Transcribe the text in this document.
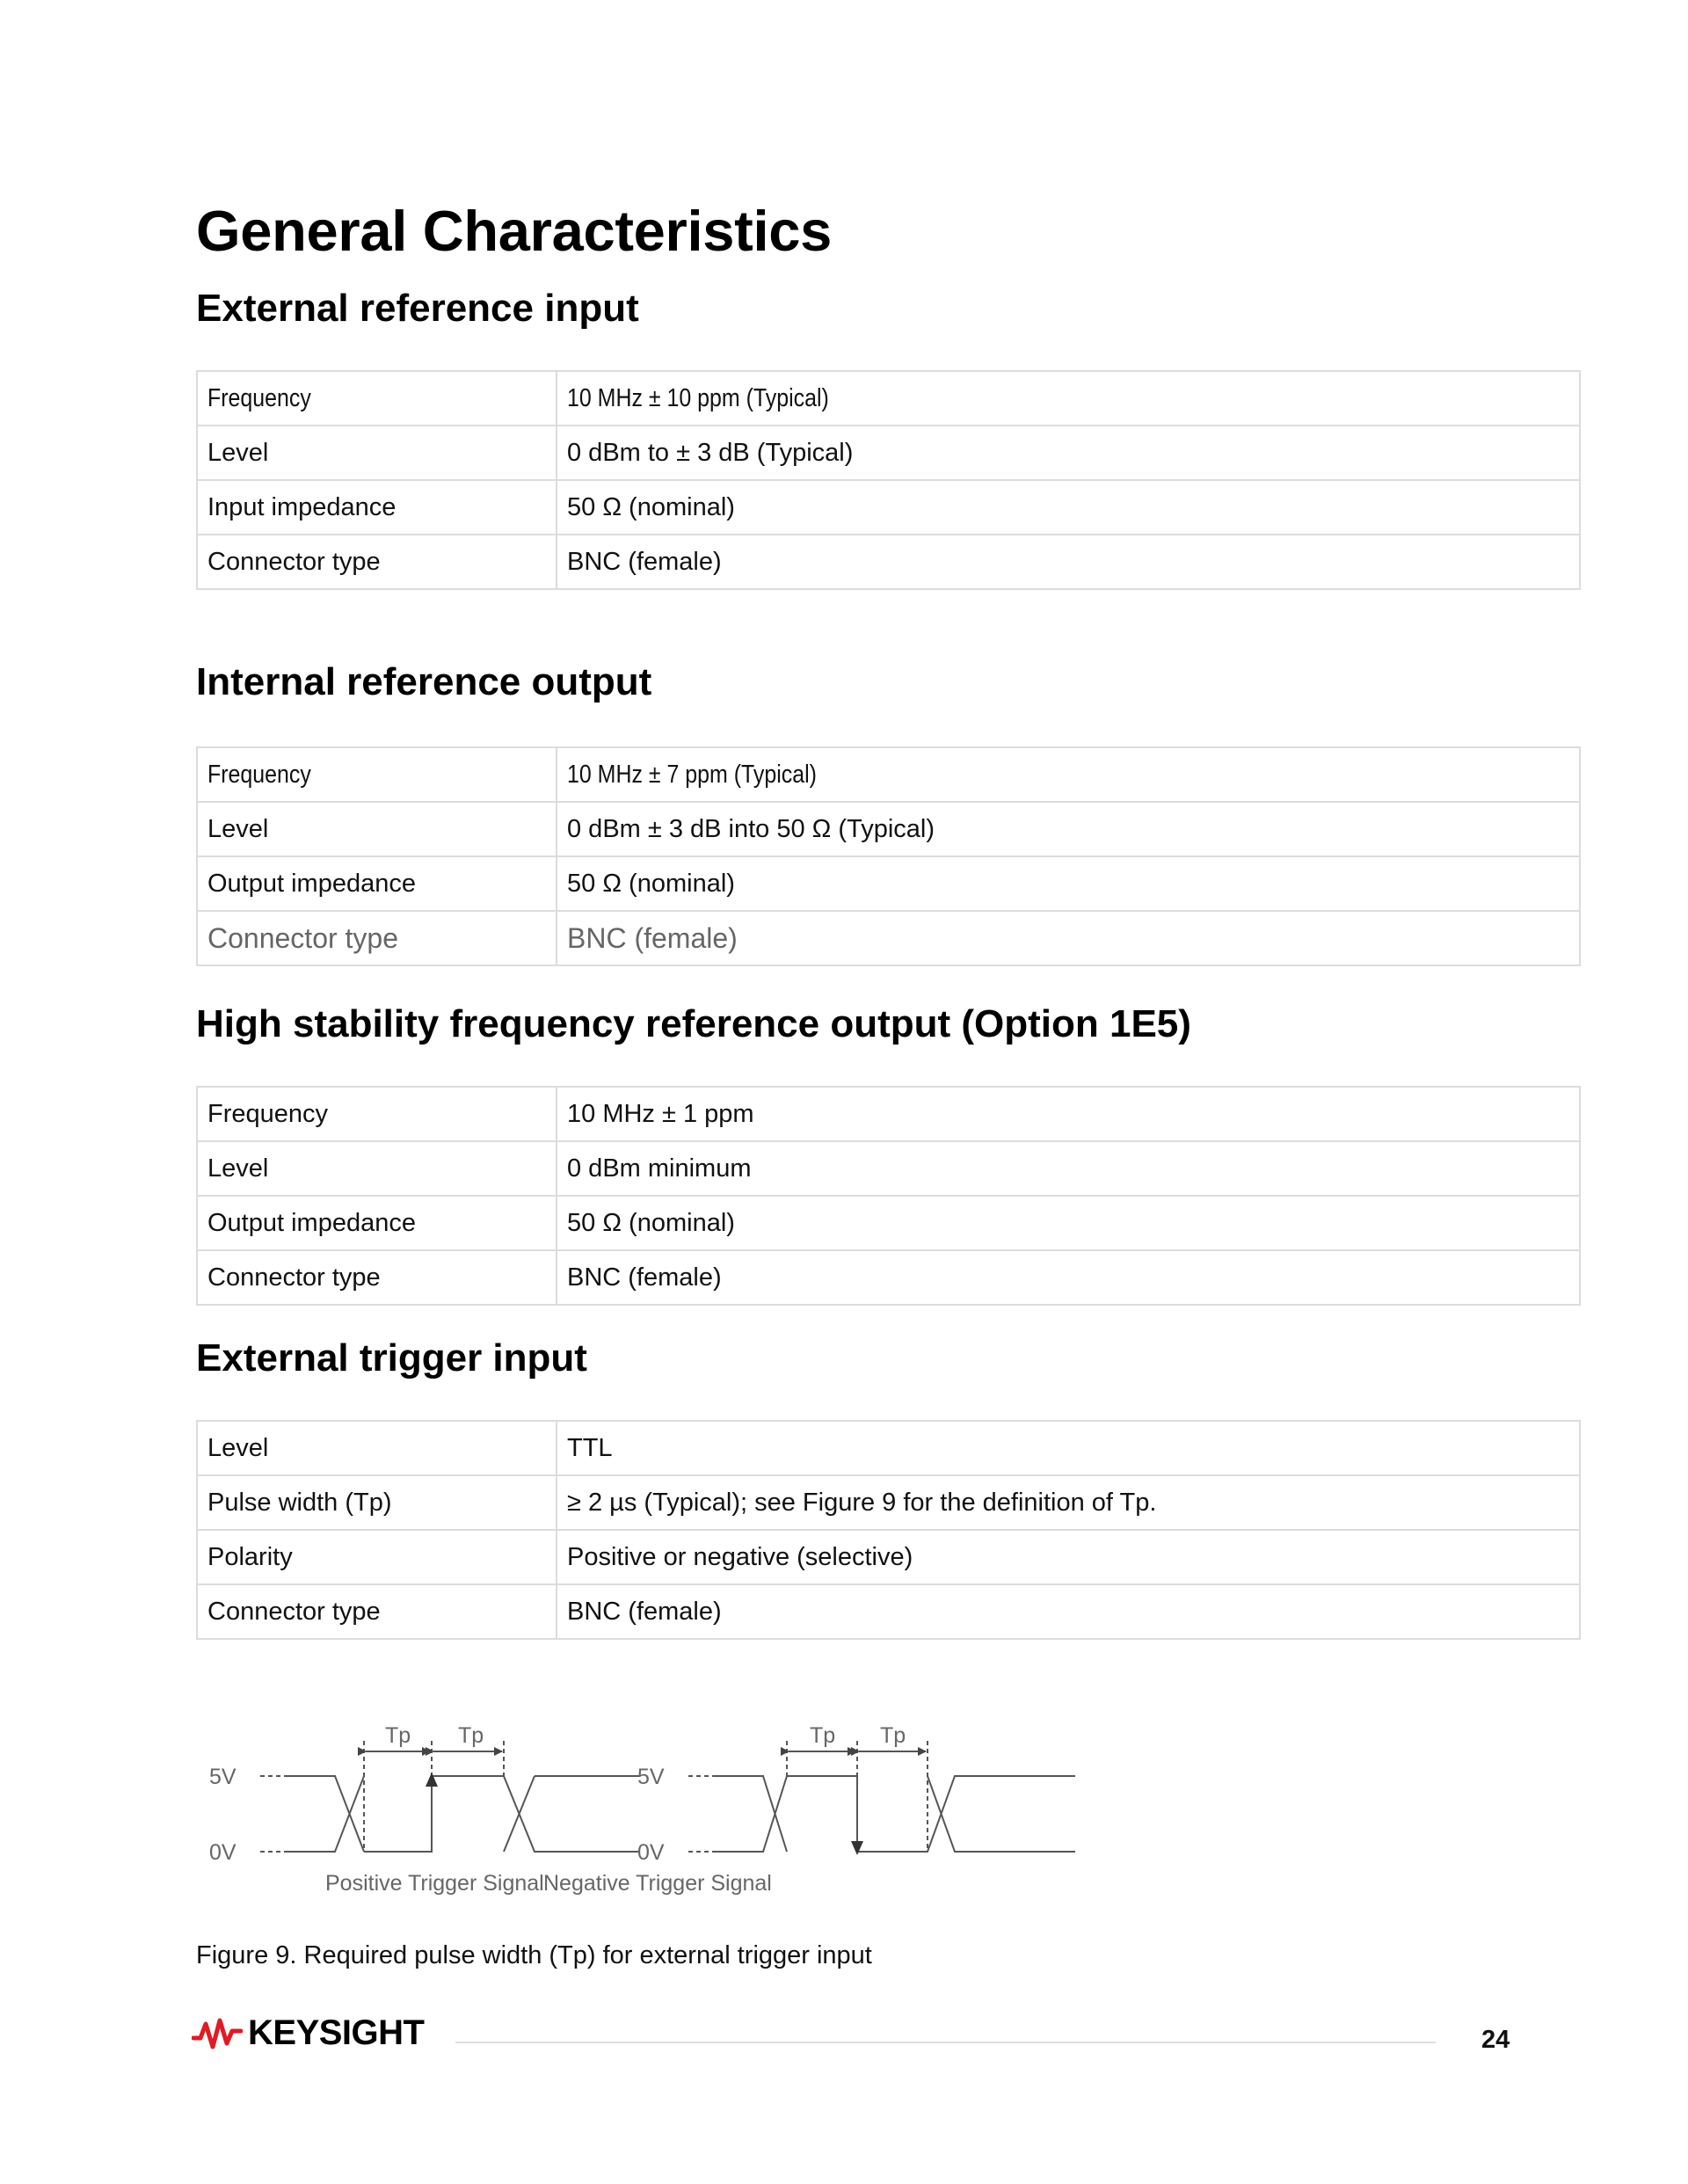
General Characteristics
External reference input
Frequency	10 MHz ± 10 ppm (Typical)
Level	0 dBm to ± 3 dB (Typical)
Input impedance	50 Ω (nominal)
Connector type	BNC (female)
Internal reference output
Frequency	10 MHz ± 7 ppm (Typical)
Level	0 dBm ± 3 dB into 50 Ω (Typical)
Output impedance	50 Ω (nominal)
Connector type	BNC (female)
High stability frequency reference output (Option 1E5)
Frequency	10 MHz ± 1 ppm
Level	0 dBm minimum
Output impedance	50 Ω (nominal)
Connector type	BNC (female)
External trigger input
Level	TTL
Pulse width (Tp)	≥ 2 µs (Typical); see Figure 9 for the definition of Tp.
Polarity	Positive or negative (selective)
Connector type	BNC (female)
Tp Tp	Tp Tp
5V
0V
5V
0V
Positive Trigger Signal Negative Trigger Signal
Figure 9. Required pulse width (Tp) for external trigger input
KEYSIGHT	24
